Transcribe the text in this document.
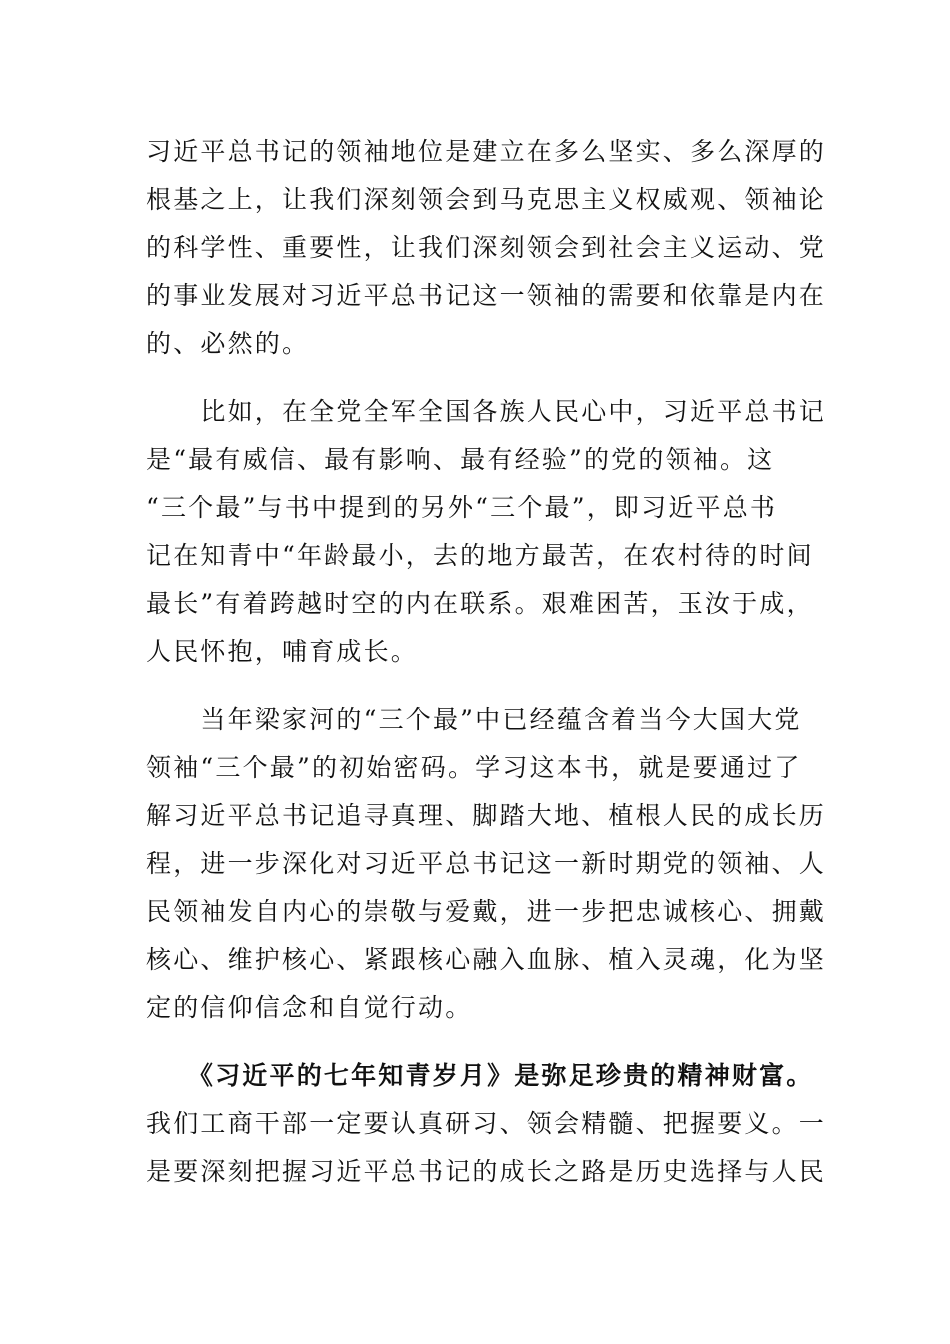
习近平总书记的领袖地位是建立在多么坚实、多么深厚的
根基之上，让我们深刻领会到马克思主义权威观、领袖论
的科学性、重要性，让我们深刻领会到社会主义运动、党
的事业发展对习近平总书记这一领袖的需要和依靠是内在
的、必然的。
　　比如，在全党全军全国各族人民心中，习近平总书记
是“最有威信、最有影响、最有经验”的党的领袖。这
“三个最”与书中提到的另外“三个最”，即习近平总书
记在知青中“年龄最小，去的地方最苦，在农村待的时间
最长”有着跨越时空的内在联系。艰难困苦，玉汝于成，
人民怀抱，哺育成长。
　　当年梁家河的“三个最”中已经蕴含着当今大国大党
领袖“三个最”的初始密码。学习这本书，就是要通过了
解习近平总书记追寻真理、脚踏大地、植根人民的成长历
程，进一步深化对习近平总书记这一新时期党的领袖、人
民领袖发自内心的崇敬与爱戴，进一步把忠诚核心、拥戴
核心、维护核心、紧跟核心融入血脉、植入灵魂，化为坚
定的信仰信念和自觉行动。
　　《习近平的七年知青岁月》是弥足珍贵的精神财富。
我们工商干部一定要认真研习、领会精髓、把握要义。一
是要深刻把握习近平总书记的成长之路是历史选择与人民
